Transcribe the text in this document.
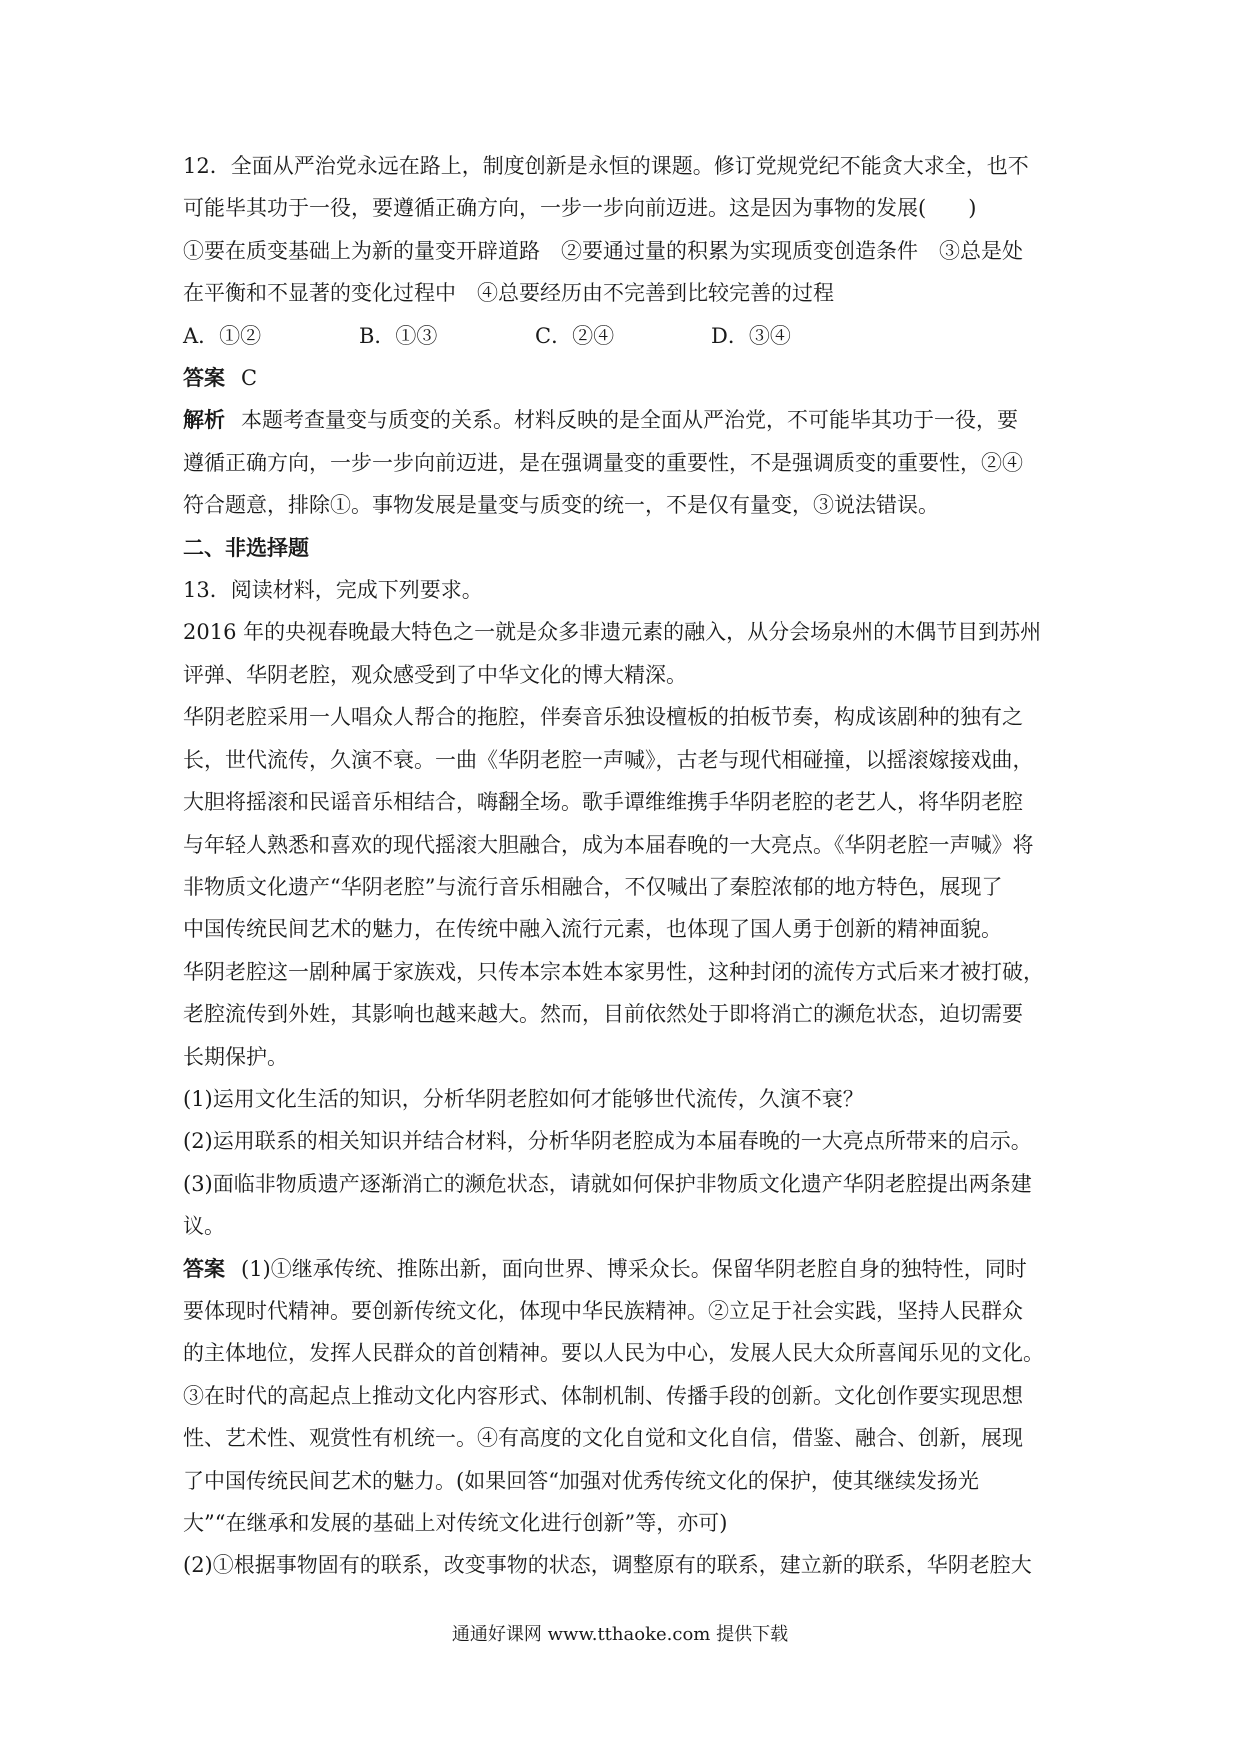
12．全面从严治党永远在路上，制度创新是永恒的课题。修订党规党纪不能贪大求全，也不

可能毕其功于一役，要遵循正确方向，一步一步向前迈进。这是因为事物的发展(　　)

①要在质变基础上为新的量变开辟道路　②要通过量的积累为实现质变创造条件　③总是处

在平衡和不显著的变化过程中　④总要经历由不完善到比较完善的过程

A．①②	B．①③	C．②④	D．③④

答案 C

解析 本题考查量变与质变的关系。材料反映的是全面从严治党，不可能毕其功于一役，要

遵循正确方向，一步一步向前迈进，是在强调量变的重要性，不是强调质变的重要性，②④

符合题意，排除①。事物发展是量变与质变的统一，不是仅有量变，③说法错误。

二、非选择题

13．阅读材料，完成下列要求。

2016 年的央视春晚最大特色之一就是众多非遗元素的融入，从分会场泉州的木偶节目到苏州

评弹、华阴老腔，观众感受到了中华文化的博大精深。

华阴老腔采用一人唱众人帮合的拖腔，伴奏音乐独设檀板的拍板节奏，构成该剧种的独有之

长，世代流传，久演不衰。一曲《华阴老腔一声喊》，古老与现代相碰撞，以摇滚嫁接戏曲，

大胆将摇滚和民谣音乐相结合，嗨翻全场。歌手谭维维携手华阴老腔的老艺人，将华阴老腔

与年轻人熟悉和喜欢的现代摇滚大胆融合，成为本届春晚的一大亮点。《华阴老腔一声喊》将

非物质文化遗产“华阴老腔”与流行音乐相融合，不仅喊出了秦腔浓郁的地方特色，展现了

中国传统民间艺术的魅力，在传统中融入流行元素，也体现了国人勇于创新的精神面貌。

华阴老腔这一剧种属于家族戏，只传本宗本姓本家男性，这种封闭的流传方式后来才被打破，

老腔流传到外姓，其影响也越来越大。然而，目前依然处于即将消亡的濒危状态，迫切需要

长期保护。

(1)运用文化生活的知识，分析华阴老腔如何才能够世代流传，久演不衰？

(2)运用联系的相关知识并结合材料，分析华阴老腔成为本届春晚的一大亮点所带来的启示。

(3)面临非物质遗产逐渐消亡的濒危状态，请就如何保护非物质文化遗产华阴老腔提出两条建

议。

答案 (1)①继承传统、推陈出新，面向世界、博采众长。保留华阴老腔自身的独特性，同时

要体现时代精神。要创新传统文化，体现中华民族精神。②立足于社会实践，坚持人民群众

的主体地位，发挥人民群众的首创精神。要以人民为中心，发展人民大众所喜闻乐见的文化。

③在时代的高起点上推动文化内容形式、体制机制、传播手段的创新。文化创作要实现思想

性、艺术性、观赏性有机统一。④有高度的文化自觉和文化自信，借鉴、融合、创新，展现

了中国传统民间艺术的魅力。(如果回答“加强对优秀传统文化的保护，使其继续发扬光

大”“在继承和发展的基础上对传统文化进行创新”等，亦可)

(2)①根据事物固有的联系，改变事物的状态，调整原有的联系，建立新的联系，华阴老腔大

通通好课网 www.tthaoke.com 提供下载
